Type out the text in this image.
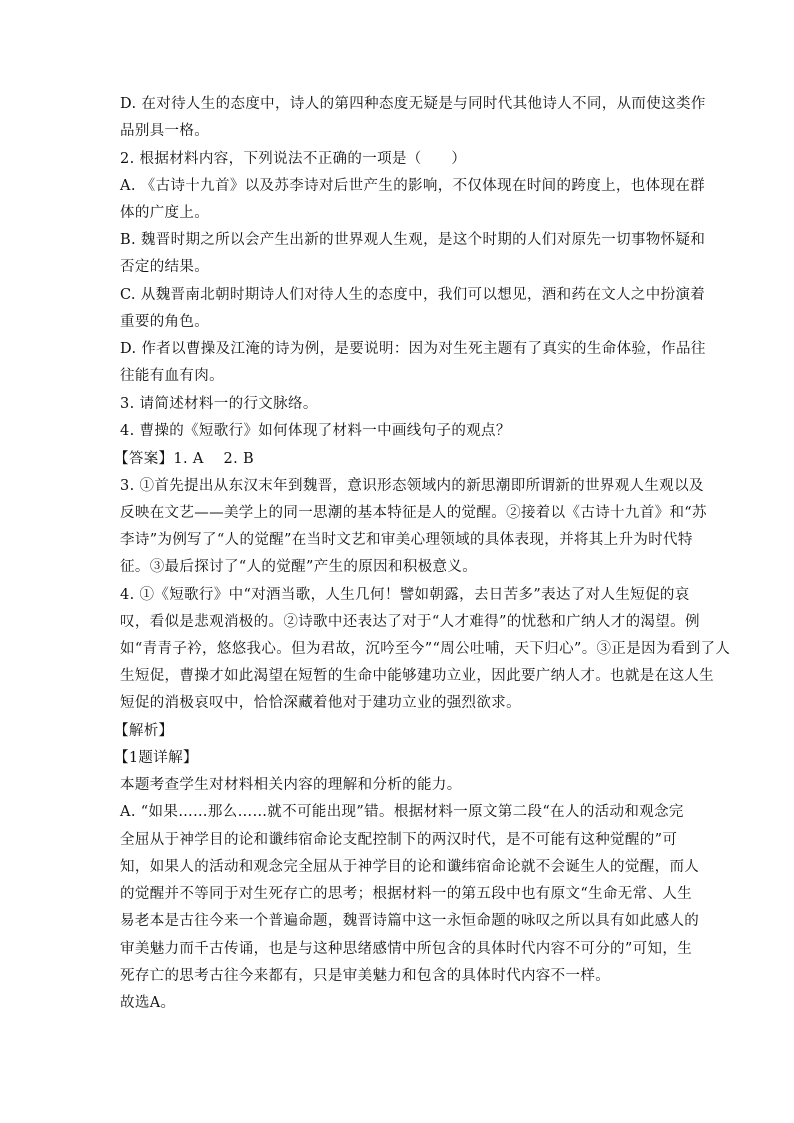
D. 在对待人生的态度中，诗人的第四种态度无疑是与同时代其他诗人不同，从而使这类作
品别具一格。
2. 根据材料内容，下列说法不正确的一项是（　　）
A. 《古诗十九首》以及苏李诗对后世产生的影响，不仅体现在时间的跨度上，也体现在群
体的广度上。
B. 魏晋时期之所以会产生出新的世界观人生观，是这个时期的人们对原先一切事物怀疑和
否定的结果。
C. 从魏晋南北朝时期诗人们对待人生的态度中，我们可以想见，酒和药在文人之中扮演着
重要的角色。
D. 作者以曹操及江淹的诗为例，是要说明：因为对生死主题有了真实的生命体验，作品往
往能有血有肉。
3. 请简述材料一的行文脉络。
4. 曹操的《短歌行》如何体现了材料一中画线句子的观点？
【答案】1. A　 2. B
3. ①首先提出从东汉末年到魏晋，意识形态领域内的新思潮即所谓新的世界观人生观以及
反映在文艺——美学上的同一思潮的基本特征是人的觉醒。②接着以《古诗十九首》和“苏
李诗”为例写了“人的觉醒”在当时文艺和审美心理领域的具体表现，并将其上升为时代特
征。③最后探讨了“人的觉醒”产生的原因和积极意义。
4. ①《短歌行》中“对酒当歌，人生几何！譬如朝露，去日苦多”表达了对人生短促的哀
叹，看似是悲观消极的。②诗歌中还表达了对于“人才难得”的忧愁和广纳人才的渴望。例
如“青青子衿，悠悠我心。但为君故，沉吟至今”“周公吐哺，天下归心”。③正是因为看到了人
生短促，曹操才如此渴望在短暂的生命中能够建功立业，因此要广纳人才。也就是在这人生
短促的消极哀叹中，恰恰深藏着他对于建功立业的强烈欲求。
【解析】
【1题详解】
本题考查学生对材料相关内容的理解和分析的能力。
A. “如果……那么……就不可能出现”错。根据材料一原文第二段“在人的活动和观念完
全屈从于神学目的论和谶纬宿命论支配控制下的两汉时代，是不可能有这种觉醒的”可
知，如果人的活动和观念完全屈从于神学目的论和谶纬宿命论就不会诞生人的觉醒，而人
的觉醒并不等同于对生死存亡的思考；根据材料一的第五段中也有原文“生命无常、人生
易老本是古往今来一个普遍命题，魏晋诗篇中这一永恒命题的咏叹之所以具有如此感人的
审美魅力而千古传诵，也是与这种思绪感情中所包含的具体时代内容不可分的”可知，生
死存亡的思考古往今来都有，只是审美魅力和包含的具体时代内容不一样。
故选A。
